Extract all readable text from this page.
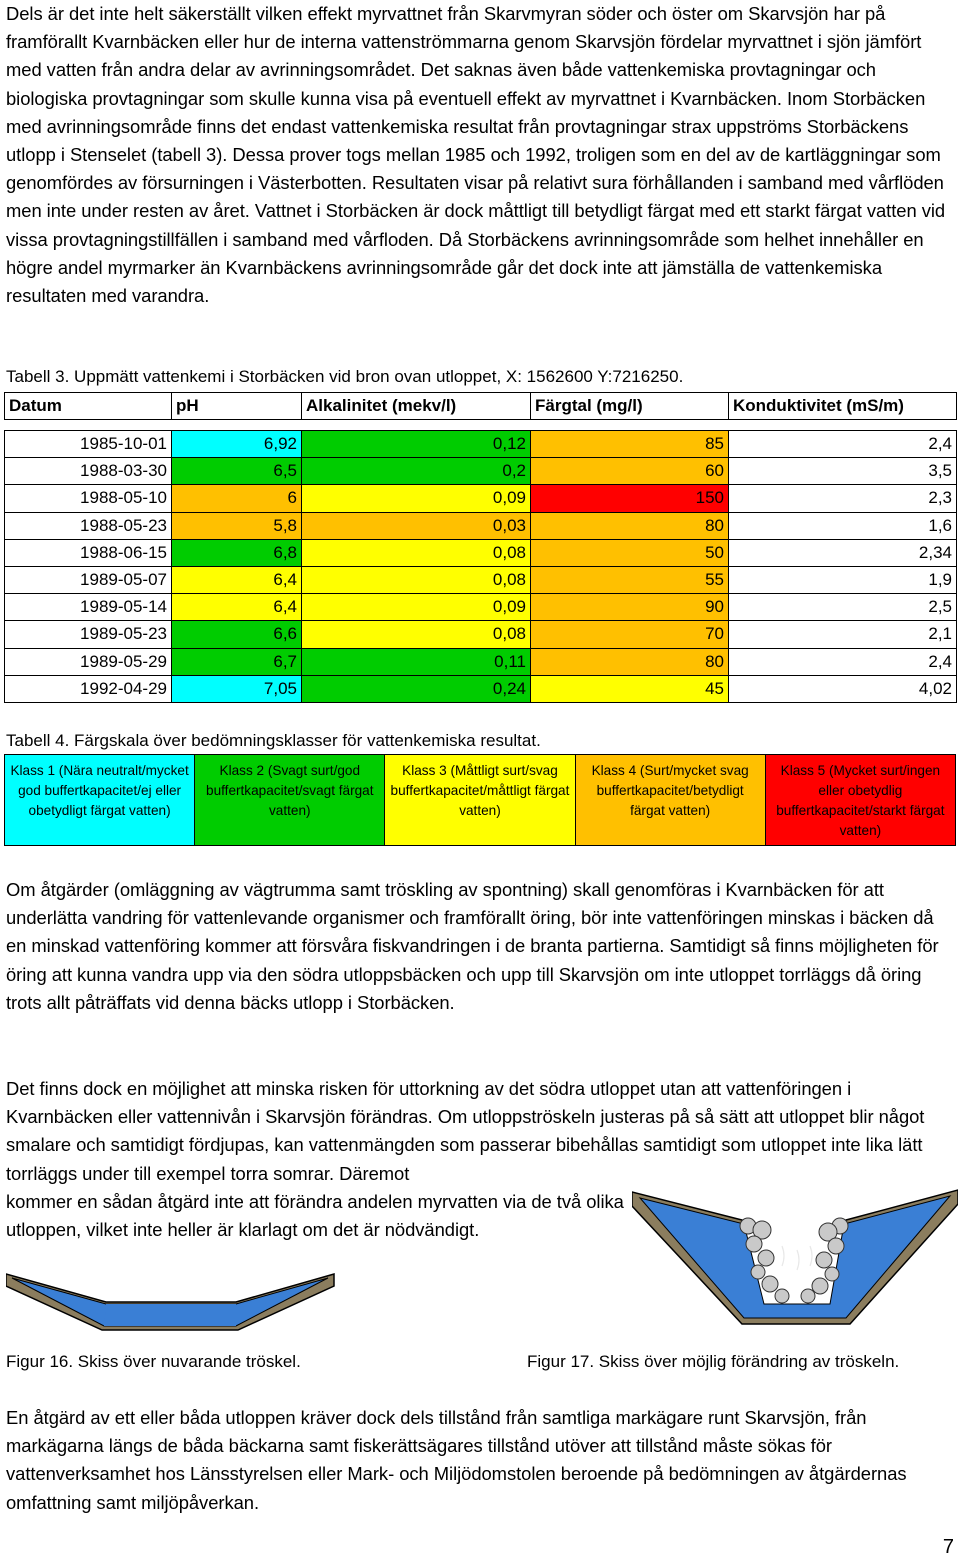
Dels är det inte helt säkerställt vilken effekt myrvattnet från Skarvmyran söder och öster om Skarvsjön har på framförallt Kvarnbäcken eller hur de interna vattenströmmarna genom Skarvsjön fördelar myrvattnet i sjön jämfört med vatten från andra delar av avrinningsområdet. Det saknas även både vattenkemiska provtagningar och biologiska provtagningar som skulle kunna visa på eventuell effekt av myrvattnet i Kvarnbäcken. Inom Storbäcken med avrinningsområde finns det endast vattenkemiska resultat från provtagningar strax uppströms Storbäckens utlopp i Stenselet (tabell 3). Dessa prover togs mellan 1985 och 1992, troligen som en del av de kartläggningar som genomfördes av försurningen i Västerbotten. Resultaten visar på relativt sura förhållanden i samband med vårflöden men inte under resten av året. Vattnet i Storbäcken är dock måttligt till betydligt färgat med ett starkt färgat vatten vid vissa provtagningstillfällen i samband med vårfloden. Då Storbäckens avrinningsområde som helhet innehåller en högre andel myrmarker än Kvarnbäckens avrinningsområde går det dock inte att jämställa de vattenkemiska resultaten med varandra.

Tabell 3. Uppmätt vattenkemi i Storbäcken vid bron ovan utloppet, X: 1562600 Y:7216250.
Datum	pH	Alkalinitet (mekv/l)	Färgtal (mg/l)	Konduktivitet (mS/m)

1985-10-01	6,92	0,12	85	2,4
1988-03-30	6,5	0,2	60	3,5
1988-05-10	6	0,09	150	2,3
1988-05-23	5,8	0,03	80	1,6
1988-06-15	6,8	0,08	50	2,34
1989-05-07	6,4	0,08	55	1,9
1989-05-14	6,4	0,09	90	2,5
1989-05-23	6,6	0,08	70	2,1
1989-05-29	6,7	0,11	80	2,4
1992-04-29	7,05	0,24	45	4,02
Tabell 4. Färgskala över bedömningsklasser för vattenkemiska resultat.
Klass 1 (Nära neutralt/mycket god buffertkapacitet/ej eller obetydligt färgat vatten)	Klass 2 (Svagt surt/god buffertkapacitet/svagt färgat vatten)	Klass 3 (Måttligt surt/svag buffertkapacitet/måttligt färgat vatten)	Klass 4 (Surt/mycket svag buffertkapacitet/betydligt färgat vatten)	Klass 5 (Mycket surt/ingen eller obetydlig buffertkapacitet/starkt färgat vatten)

Om åtgärder (omläggning av vägtrumma samt tröskling av spontning) skall genomföras i Kvarnbäcken för att underlätta vandring för vattenlevande organismer och framförallt öring, bör inte vattenföringen minskas i bäcken då en minskad vattenföring kommer att försvåra fiskvandringen i de branta partierna. Samtidigt så finns möjligheten för öring att kunna vandra upp via den södra utloppsbäcken och upp till Skarvsjön om inte utloppet torrläggs då öring trots allt påträffats vid denna bäcks utlopp i Storbäcken.

Det finns dock en möjlighet att minska risken för uttorkning av det södra utloppet utan att vattenföringen i Kvarnbäcken eller vattennivån i Skarvsjön förändras. Om utloppströskeln justeras på så sätt att utloppet blir något smalare och samtidigt fördjupas, kan vattenmängden som passerar bibehållas samtidigt som utloppet inte lika lätt torrläggs under till exempel torra somrar. Däremot

kommer en sådan åtgärd inte att förändra andelen myrvatten via de två olika utloppen, vilket inte heller är klarlagt om det är nödvändigt.

Figur 16. Skiss över nuvarande tröskel.	Figur 17. Skiss över möjlig förändring av tröskeln.

En åtgärd av ett eller båda utloppen kräver dock dels tillstånd från samtliga markägare runt Skarvsjön, från markägarna längs de båda bäckarna samt fiskerättsägares tillstånd utöver att tillstånd måste sökas för vattenverksamhet hos Länsstyrelsen eller Mark- och Miljödomstolen beroende på bedömningen av åtgärdernas omfattning samt miljöpåverkan.

7
